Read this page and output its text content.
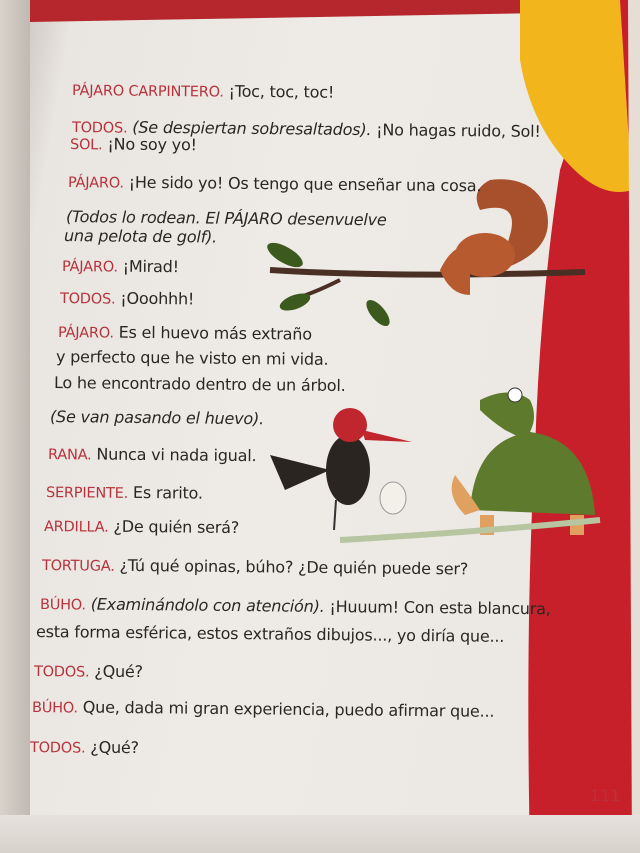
PÁJARO CARPINTERO. ¡Toc, toc, toc!
TODOS. (Se despiertan sobresaltados). ¡No hagas ruido, Sol!
SOL. ¡No soy yo!
PÁJARO. ¡He sido yo! Os tengo que enseñar una cosa.
(Todos lo rodean. El PÁJARO desenvuelve
una pelota de golf).
PÁJARO. ¡Mirad!
TODOS. ¡Ooohhh!
PÁJARO. Es el huevo más extraño
y perfecto que he visto en mi vida.
Lo he encontrado dentro de un árbol.
(Se van pasando el huevo).
RANA. Nunca vi nada igual.
SERPIENTE. Es rarito.
ARDILLA. ¿De quién será?
TORTUGA. ¿Tú qué opinas, búho? ¿De quién puede ser?
BÚHO. (Examinándolo con atención). ¡Huuum! Con esta blancura,
esta forma esférica, estos extraños dibujos..., yo diría que...
TODOS. ¿Qué?
BÚHO. Que, dada mi gran experiencia, puedo afirmar que...
TODOS. ¿Qué?
111
